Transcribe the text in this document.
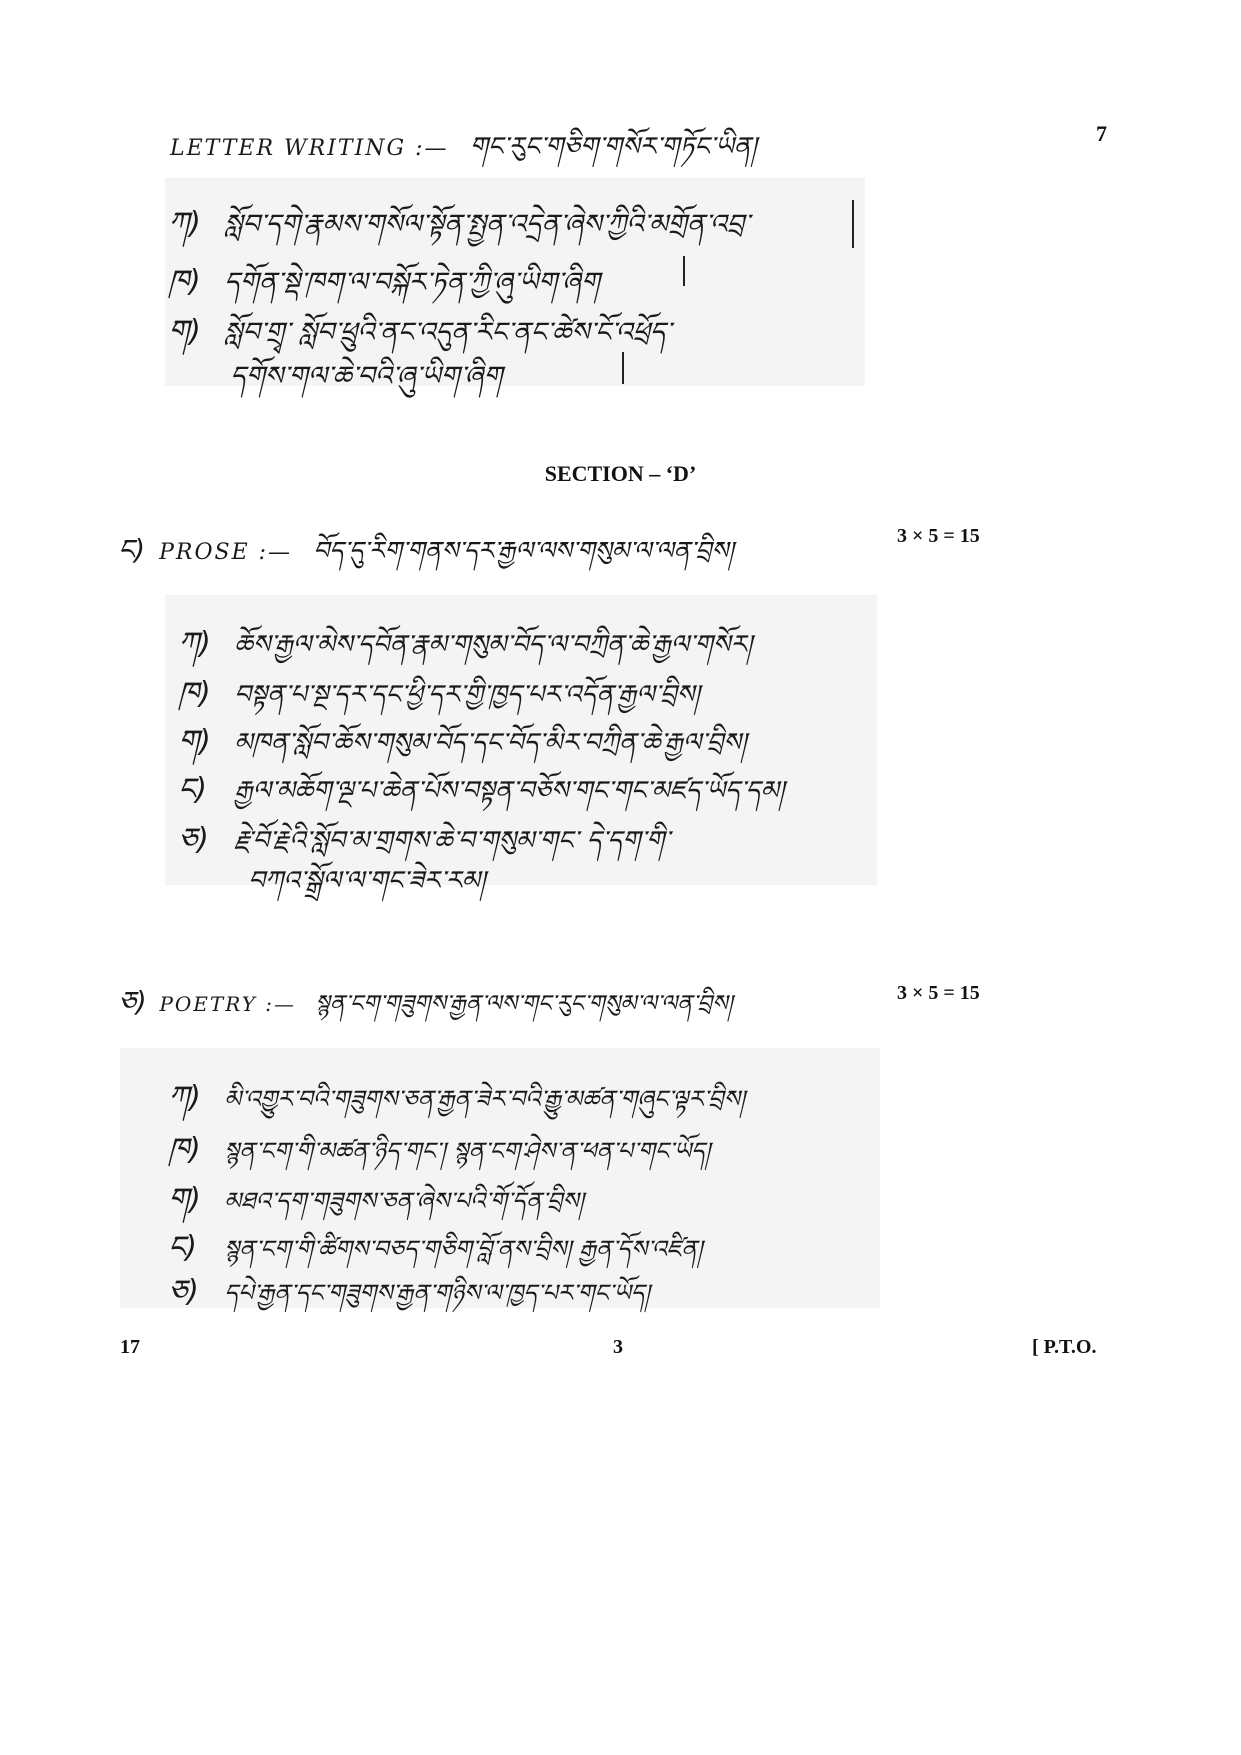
7
LETTER WRITING :— གང་རུང་གཅིག་གསོར་གཏོང་ཡིན།
ཀ) སློབ་དགེ་རྣམས་གསོལ་སྟོན་སྤྱན་འདྲེན་ཞེས་ཀྱིའི་མགྲོན་འབྲ་
ཁ) དགོན་སྡེ་ཁག་ལ་བསྐོར་ཏེན་ཀྱི་ཞུ་ཡིག་ཞིག
ག) སློབ་གྲྭ་ སློབ་ཕྲུའི་ནང་འདུན་རིང་ནང་ཚེས་ངོ་འཕྲོད་
དགོས་གལ་ཆེ་བའི་ཞུ་ཡིག་ཞིག
SECTION – ‘D’
ང) PROSE :— བོད་དུ་རིག་གནས་དར་རྒྱལ་ལས་གསུམ་ལ་ལན་བྲིས།	3 × 5 = 15
ཀ) ཆོས་རྒྱལ་མེས་དབོན་རྣམ་གསུམ་བོད་ལ་བཀྲིན་ཆེ་རྒྱལ་གསོར།
ཁ) བསྟན་པ་སྔ་དར་དང་ཕྱི་དར་གྱི་ཁྱད་པར་འདོན་རྒྱལ་བྲིས།
ག) མཁན་སློབ་ཆོས་གསུམ་བོད་དང་བོད་མིར་བཀྲིན་ཆེ་རྒྱལ་བྲིས།
ང) རྒྱལ་མཆོག་ལྔ་པ་ཆེན་པོས་བསྟན་བཅོས་གང་གང་མཛད་ཡོད་དམ།
ཅ) རྗེ་བོ་རྗེའི་སློབ་མ་གྲགས་ཆེ་བ་གསུམ་གང་ དེ་དག་གི་
བཀའ་སྒྲོལ་ལ་གང་ཟེར་རམ།
ཅ) POETRY :— སྙན་ངག་གཟུགས་རྒྱན་ལས་གང་རུང་གསུམ་ལ་ལན་བྲིས།	3 × 5 = 15
ཀ) མི་འགྱུར་བའི་གཟུགས་ཅན་རྒྱན་ཟེར་བའི་རྒྱུ་མཚན་གཞུང་ལྟར་བྲིས།
ཁ) སྙན་ངག་གི་མཚན་ཉིད་གང་། སྙན་ངག་ཤེས་ན་ཕན་པ་གང་ཡོད།
ག) མཐའ་དག་གཟུགས་ཅན་ཞེས་པའི་གོ་དོན་བྲིས།
ང) སྙན་ངག་གི་ཚིགས་བཅད་གཅིག་བློ་ནས་བྲིས། རྒྱན་དོས་འཛིན།
ཅ) དཔེ་རྒྱན་དང་གཟུགས་རྒྱན་གཉིས་ལ་ཁྱད་པར་གང་ཡོད།
17	3	[ P.T.O.
